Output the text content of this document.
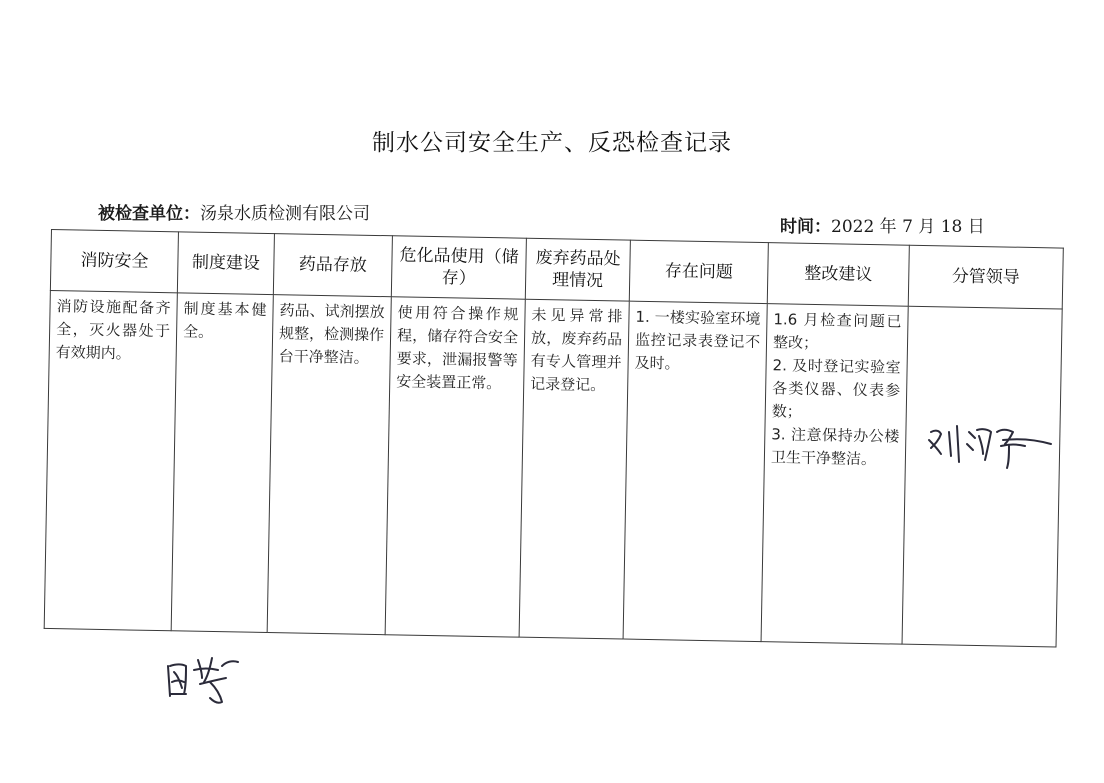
制水公司安全生产、反恐检查记录
被检查单位：汤泉水质检测有限公司
时间：2022 年 7 月 18 日
消防安全	制度建设	药品存放	危化品使用（储存）	废弃药品处理情况	存在问题	整改建议	分管领导
消防设施配备齐全，灭火器处于有效期内。	制度基本健全。	药品、试剂摆放规整，检测操作台干净整洁。	使用符合操作规程，储存符合安全要求，泄漏报警等安全装置正常。	未见异常排放，废弃药品有专人管理并记录登记。	1. 一楼实验室环境监控记录表登记不及时。	1.6 月检查问题已整改；
2. 及时登记实验室各类仪器、仪表参数；
3. 注意保持办公楼卫生干净整洁。	
